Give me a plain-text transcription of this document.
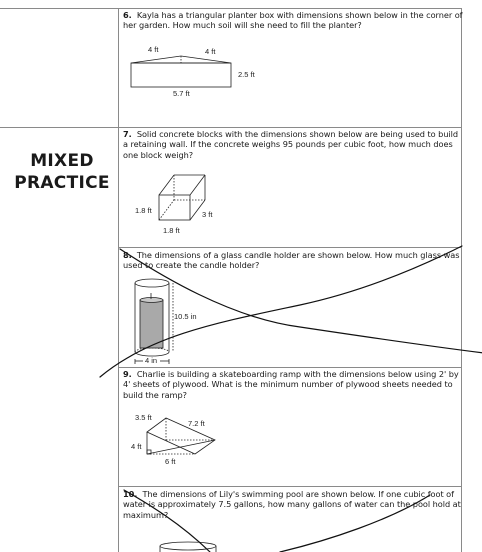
MIXED
PRACTICE
6. Kayla has a triangular planter box with dimensions shown below in the corner of her garden. How much soil will she need to fill the planter?
7. Solid concrete blocks with the dimensions shown below are being used to build a retaining wall. If the concrete weighs 95 pounds per cubic foot, how much does one block weigh?
8. The dimensions of a glass candle holder are shown below. How much glass was used to create the candle holder?
9. Charlie is building a skateboarding ramp with the dimensions below using 2' by 4' sheets of plywood. What is the minimum number of plywood sheets needed to build the ramp?
10. The dimensions of Lily's swimming pool are shown below. If one cubic foot of water is approximately 7.5 gallons, how many gallons of water can the pool hold at maximum?
4 ft	4 ft
2.5 ft
5.7 ft
1.8 ft	3 ft
1.8 ft
10.5 in
4 in
3.5 ft
7.2 ft
4 ft
6 ft
